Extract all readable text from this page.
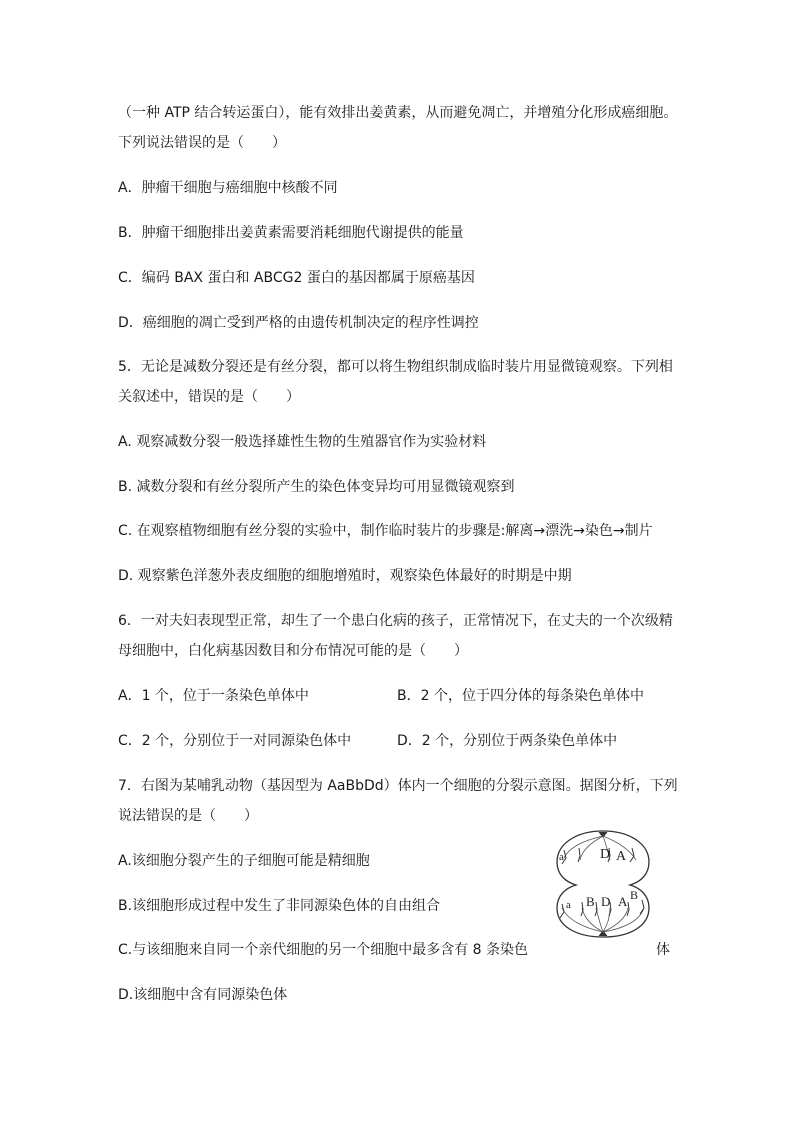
（一种 ATP 结合转运蛋白），能有效排出姜黄素，从而避免凋亡，并增殖分化形成癌细胞。
下列说法错误的是（　　）
A．肿瘤干细胞与癌细胞中核酸不同
B．肿瘤干细胞排出姜黄素需要消耗细胞代谢提供的能量
C．编码 BAX 蛋白和 ABCG2 蛋白的基因都属于原癌基因
D．癌细胞的凋亡受到严格的由遗传机制决定的程序性调控
5．无论是减数分裂还是有丝分裂，都可以将生物组织制成临时装片用显微镜观察。下列相
关叙述中，错误的是（　　）
A. 观察减数分裂一般选择雄性生物的生殖器官作为实验材料
B. 减数分裂和有丝分裂所产生的染色体变异均可用显微镜观察到
C. 在观察植物细胞有丝分裂的实验中，制作临时装片的步骤是:解离→漂洗→染色→制片
D. 观察紫色洋葱外表皮细胞的细胞增殖时，观察染色体最好的时期是中期
6．一对夫妇表现型正常，却生了一个患白化病的孩子，正常情况下，在丈夫的一个次级精
母细胞中，白化病基因数目和分布情况可能的是（　　）
A．1 个，位于一条染色单体中	B．2 个，位于四分体的每条染色单体中
C．2 个，分别位于一对同源染色体中	D．2 个，分别位于两条染色单体中
7．右图为某哺乳动物（基因型为 AaBbDd）体内一个细胞的分裂示意图。据图分析，下列
说法错误的是（　　）
A.该细胞分裂产生的子细胞可能是精细胞
B.该细胞形成过程中发生了非同源染色体的自由组合
C.与该细胞来自同一个亲代细胞的另一个细胞中最多含有 8 条染色	体
D.该细胞中含有同源染色体
a	D A
a B D A B
